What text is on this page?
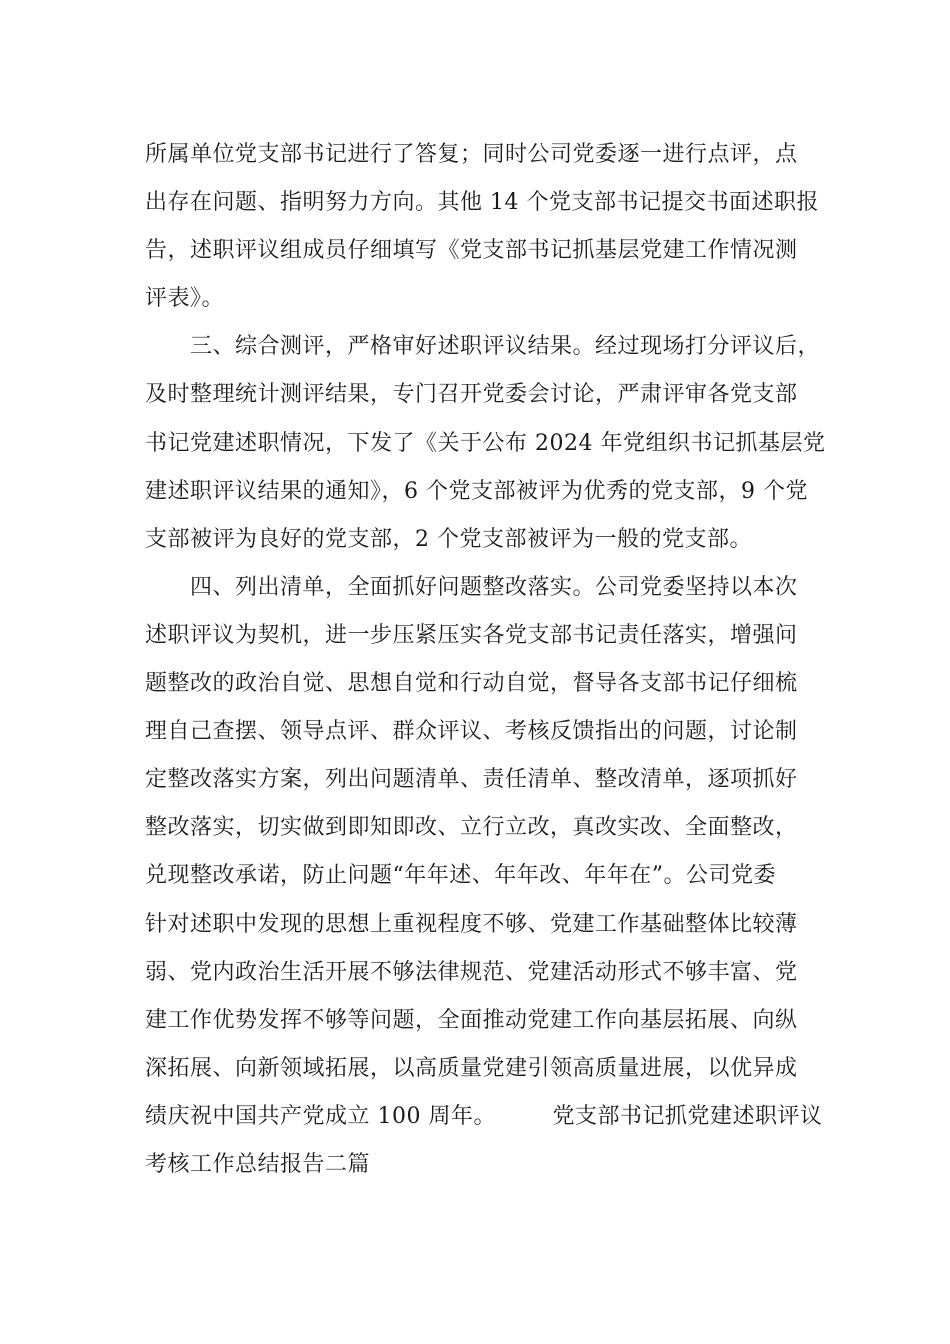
所属单位党支部书记进行了答复；同时公司党委逐一进行点评，点
出存在问题、指明努力方向。其他 14 个党支部书记提交书面述职报
告，述职评议组成员仔细填写《党支部书记抓基层党建工作情况测
评表》。
　　三、综合测评，严格审好述职评议结果。经过现场打分评议后，
及时整理统计测评结果，专门召开党委会讨论，严肃评审各党支部
书记党建述职情况，下发了《关于公布 2024 年党组织书记抓基层党
建述职评议结果的通知》，6 个党支部被评为优秀的党支部，9 个党
支部被评为良好的党支部，2 个党支部被评为一般的党支部。
　　四、列出清单，全面抓好问题整改落实。公司党委坚持以本次
述职评议为契机，进一步压紧压实各党支部书记责任落实，增强问
题整改的政治自觉、思想自觉和行动自觉，督导各支部书记仔细梳
理自己查摆、领导点评、群众评议、考核反馈指出的问题，讨论制
定整改落实方案，列出问题清单、责任清单、整改清单，逐项抓好
整改落实，切实做到即知即改、立行立改，真改实改、全面整改，
兑现整改承诺，防止问题“年年述、年年改、年年在”。公司党委
针对述职中发现的思想上重视程度不够、党建工作基础整体比较薄
弱、党内政治生活开展不够法律规范、党建活动形式不够丰富、党
建工作优势发挥不够等问题，全面推动党建工作向基层拓展、向纵
深拓展、向新领域拓展，以高质量党建引领高质量进展，以优异成
绩庆祝中国共产党成立 100 周年。　　　党支部书记抓党建述职评议
考核工作总结报告二篇
